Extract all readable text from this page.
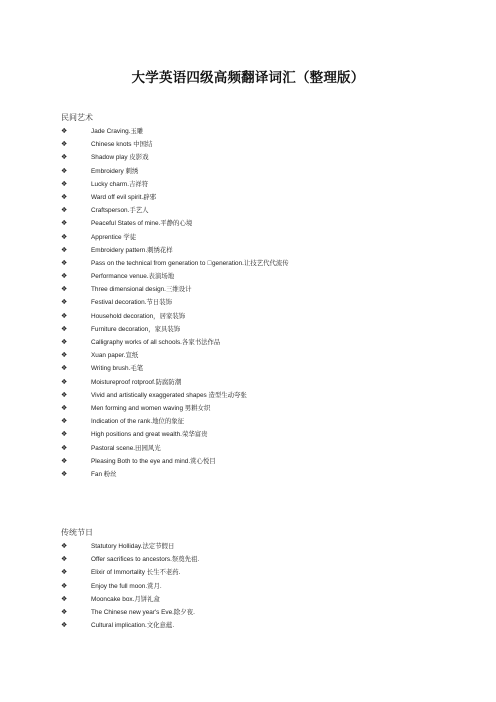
大学英语四级高频翻译词汇（整理版）
民间艺术
❖	Jade Craving.玉雕
❖	Chinese knots 中国结
❖	Shadow play 皮影戏
❖	Embroidery 刺绣
❖	Lucky charm.吉祥符
❖	Ward off evil spirit.辟邪
❖	Craftsperson.手艺人
❖	Peaceful States of mine.平静的心境
❖	Apprentice 学徒
❖	Embroidery pattern.刺绣花样
❖	Pass on the technical from generation to  generation.让技艺代代流传
❖	Performance venue.表演场地
❖	Three dimensional design.三维设计
❖	Festival decoration.节日装饰
❖	Household decoration，居家装饰
❖	Furniture decoration，家具装饰
❖	Calligraphy works of all schools.各家书法作品
❖	Xuan paper.宣纸
❖	Writing brush.毛笔
❖	Moistureproof rotproof.防腐防潮
❖	Vivid and artistically exaggerated shapes 造型生动夸张
❖	Men forming and women waving 男耕女织
❖	Indication of the rank.地位的象征
❖	High positions and great wealth.荣华富贵
❖	Pastoral scene.田园风光
❖	Pleasing Both to the eye and mind.赏心悦目
❖	Fan 粉丝
传统节日
❖	Statutory Holliday.法定节假日
❖	Offer sacrifices to ancestors.祭奠先祖.
❖	Elixir of Immortality 长生不老药.
❖	Enjoy the full moon.赏月.
❖	Mooncake box.月饼礼盒
❖	The Chinese new year's Eve.除夕夜.
❖	Cultural implication.文化意蕴.
